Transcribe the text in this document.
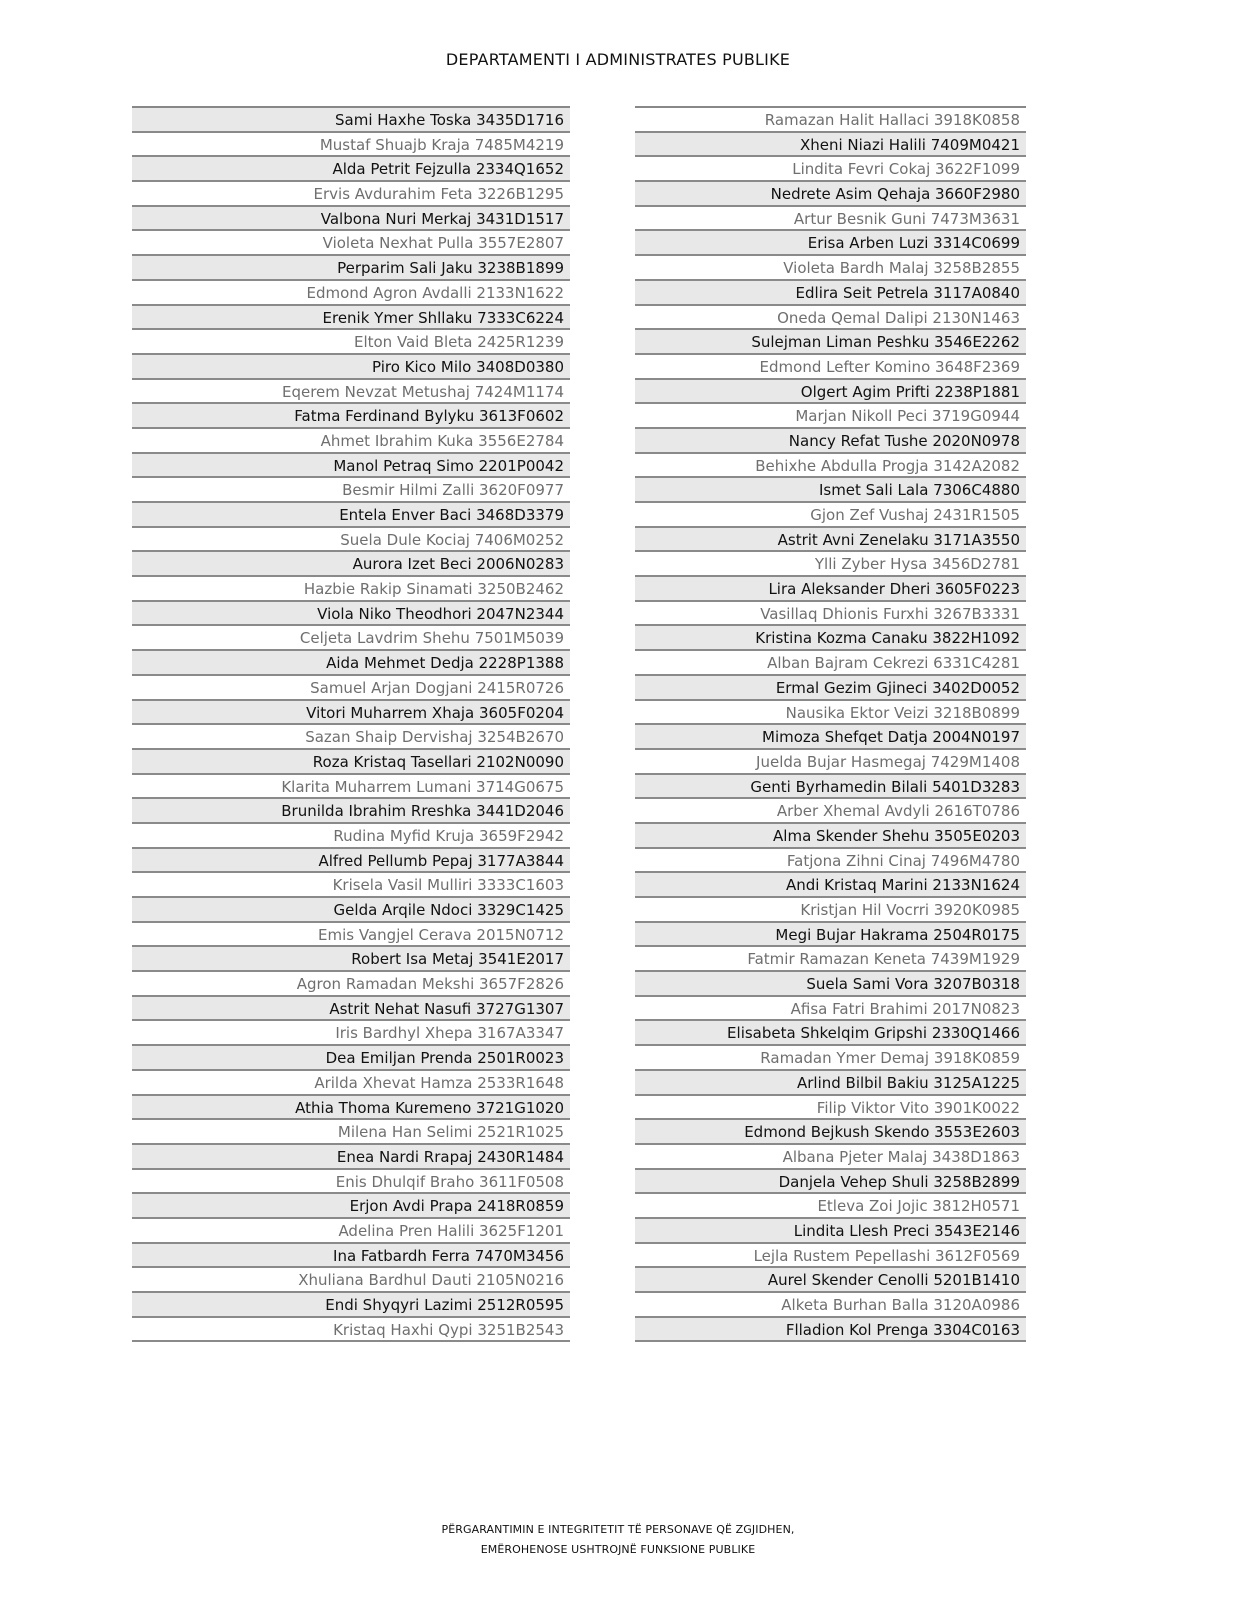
DEPARTAMENTI I ADMINISTRATES PUBLIKE
Sami Haxhe Toska 3435D1716
Mustaf Shuajb Kraja 7485M4219
Alda Petrit Fejzulla 2334Q1652
Ervis Avdurahim Feta 3226B1295
Valbona Nuri Merkaj 3431D1517
Violeta Nexhat Pulla 3557E2807
Perparim Sali Jaku 3238B1899
Edmond Agron Avdalli 2133N1622
Erenik Ymer Shllaku 7333C6224
Elton Vaid Bleta 2425R1239
Piro Kico Milo 3408D0380
Eqerem Nevzat Metushaj 7424M1174
Fatma Ferdinand Bylyku 3613F0602
Ahmet Ibrahim Kuka 3556E2784
Manol Petraq Simo 2201P0042
Besmir Hilmi Zalli 3620F0977
Entela Enver Baci 3468D3379
Suela Dule Kociaj 7406M0252
Aurora Izet Beci 2006N0283
Hazbie Rakip Sinamati 3250B2462
Viola Niko Theodhori 2047N2344
Celjeta Lavdrim Shehu 7501M5039
Aida Mehmet Dedja 2228P1388
Samuel Arjan Dogjani 2415R0726
Vitori Muharrem Xhaja 3605F0204
Sazan Shaip Dervishaj 3254B2670
Roza Kristaq Tasellari 2102N0090
Klarita Muharrem Lumani 3714G0675
Brunilda Ibrahim Rreshka 3441D2046
Rudina Myfid Kruja 3659F2942
Alfred Pellumb Pepaj 3177A3844
Krisela Vasil Mulliri 3333C1603
Gelda Arqile Ndoci 3329C1425
Emis Vangjel Cerava 2015N0712
Robert Isa Metaj 3541E2017
Agron Ramadan Mekshi 3657F2826
Astrit Nehat Nasufi 3727G1307
Iris Bardhyl Xhepa 3167A3347
Dea Emiljan Prenda 2501R0023
Arilda Xhevat Hamza 2533R1648
Athia Thoma Kuremeno 3721G1020
Milena Han Selimi 2521R1025
Enea Nardi Rrapaj 2430R1484
Enis Dhulqif Braho 3611F0508
Erjon Avdi Prapa 2418R0859
Adelina Pren Halili 3625F1201
Ina Fatbardh Ferra 7470M3456
Xhuliana Bardhul Dauti 2105N0216
Endi Shyqyri Lazimi 2512R0595
Kristaq Haxhi Qypi 3251B2543
Ramazan Halit Hallaci 3918K0858
Xheni Niazi Halili 7409M0421
Lindita Fevri Cokaj 3622F1099
Nedrete Asim Qehaja 3660F2980
Artur Besnik Guni 7473M3631
Erisa Arben Luzi 3314C0699
Violeta Bardh Malaj 3258B2855
Edlira Seit Petrela 3117A0840
Oneda Qemal Dalipi 2130N1463
Sulejman Liman Peshku 3546E2262
Edmond Lefter Komino 3648F2369
Olgert Agim Prifti 2238P1881
Marjan Nikoll Peci 3719G0944
Nancy Refat Tushe 2020N0978
Behixhe Abdulla Progja 3142A2082
Ismet Sali Lala 7306C4880
Gjon Zef Vushaj 2431R1505
Astrit Avni Zenelaku 3171A3550
Ylli Zyber Hysa 3456D2781
Lira Aleksander Dheri 3605F0223
Vasillaq Dhionis Furxhi 3267B3331
Kristina Kozma Canaku 3822H1092
Alban Bajram Cekrezi 6331C4281
Ermal Gezim Gjineci 3402D0052
Nausika Ektor Veizi 3218B0899
Mimoza Shefqet Datja 2004N0197
Juelda Bujar Hasmegaj 7429M1408
Genti Byrhamedin Bilali 5401D3283
Arber Xhemal Avdyli 2616T0786
Alma Skender Shehu 3505E0203
Fatjona Zihni Cinaj 7496M4780
Andi Kristaq Marini 2133N1624
Kristjan Hil Vocrri 3920K0985
Megi Bujar Hakrama 2504R0175
Fatmir Ramazan Keneta 7439M1929
Suela Sami Vora 3207B0318
Afisa Fatri Brahimi 2017N0823
Elisabeta Shkelqim Gripshi 2330Q1466
Ramadan Ymer Demaj 3918K0859
Arlind Bilbil Bakiu 3125A1225
Filip Viktor Vito 3901K0022
Edmond Bejkush Skendo 3553E2603
Albana Pjeter Malaj 3438D1863
Danjela Vehep Shuli 3258B2899
Etleva Zoi Jojic 3812H0571
Lindita Llesh Preci 3543E2146
Lejla Rustem Pepellashi 3612F0569
Aurel Skender Cenolli 5201B1410
Alketa Burhan Balla 3120A0986
Flladion Kol Prenga 3304C0163
PËRGARANTIMIN E INTEGRITETIT TË PERSONAVE QË ZGJIDHEN,
EMËROHENOSE USHTROJNË FUNKSIONE PUBLIKE
